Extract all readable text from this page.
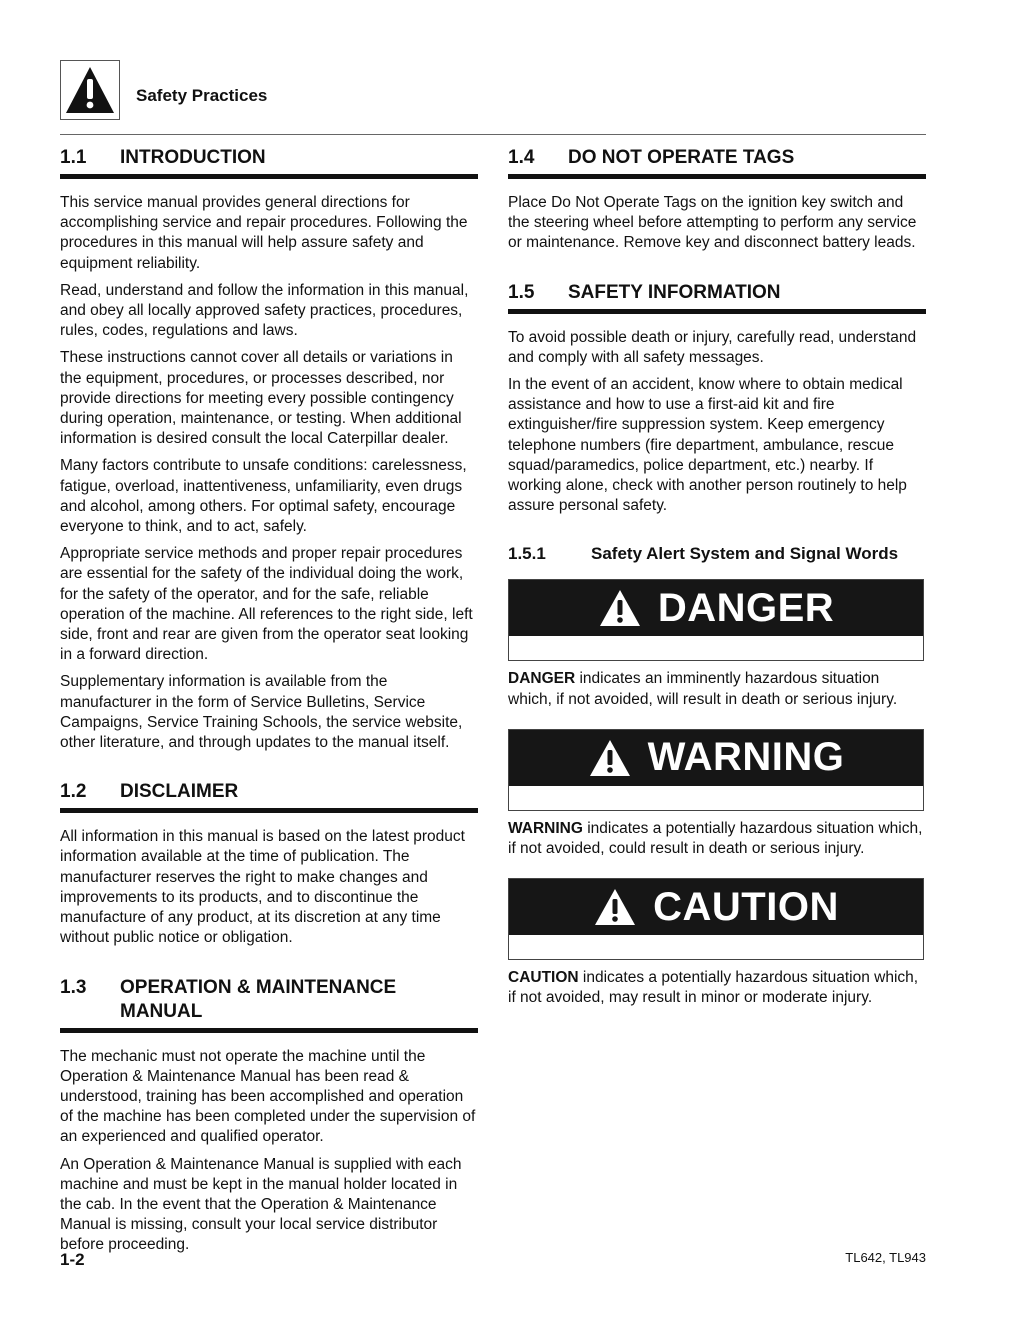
Safety Practices
1.1	INTRODUCTION

This service manual provides general directions for accomplishing service and repair procedures. Following the procedures in this manual will help assure safety and equipment reliability.

Read, understand and follow the information in this manual, and obey all locally approved safety practices, procedures, rules, codes, regulations and laws.

These instructions cannot cover all details or variations in the equipment, procedures, or processes described, nor provide directions for meeting every possible contingency during operation, maintenance, or testing. When additional information is desired consult the local Caterpillar dealer.

Many factors contribute to unsafe conditions: carelessness, fatigue, overload, inattentiveness, unfamiliarity, even drugs and alcohol, among others. For optimal safety, encourage everyone to think, and to act, safely.

Appropriate service methods and proper repair procedures are essential for the safety of the individual doing the work, for the safety of the operator, and for the safe, reliable operation of the machine. All references to the right side, left side, front and rear are given from the operator seat looking in a forward direction.

Supplementary information is available from the manufacturer in the form of Service Bulletins, Service Campaigns, Service Training Schools, the service website, other literature, and through updates to the manual itself.

1.2	DISCLAIMER

All information in this manual is based on the latest product information available at the time of publication. The manufacturer reserves the right to make changes and improvements to its products, and to discontinue the manufacture of any product, at its discretion at any time without public notice or obligation.

1.3	OPERATION & MAINTENANCE MANUAL

The mechanic must not operate the machine until the Operation & Maintenance Manual has been read & understood, training has been accomplished and operation of the machine has been completed under the supervision of an experienced and qualified operator.

An Operation & Maintenance Manual is supplied with each machine and must be kept in the manual holder located in the cab. In the event that the Operation & Maintenance Manual is missing, consult your local service distributor before proceeding.

1.4	DO NOT OPERATE TAGS

Place Do Not Operate Tags on the ignition key switch and the steering wheel before attempting to perform any service or maintenance. Remove key and disconnect battery leads.

1.5	SAFETY INFORMATION

To avoid possible death or injury, carefully read, understand and comply with all safety messages.

In the event of an accident, know where to obtain medical assistance and how to use a first-aid kit and fire extinguisher/fire suppression system. Keep emergency telephone numbers (fire department, ambulance, rescue squad/paramedics, police department, etc.) nearby. If working alone, check with another person routinely to help assure personal safety.

1.5.1	Safety Alert System and Signal Words
DANGER

DANGER indicates an imminently hazardous situation which, if not avoided, will result in death or serious injury.

WARNING

WARNING indicates a potentially hazardous situation which, if not avoided, could result in death or serious injury.

CAUTION

CAUTION indicates a potentially hazardous situation which, if not avoided, may result in minor or moderate injury.

1-2	TL642, TL943
